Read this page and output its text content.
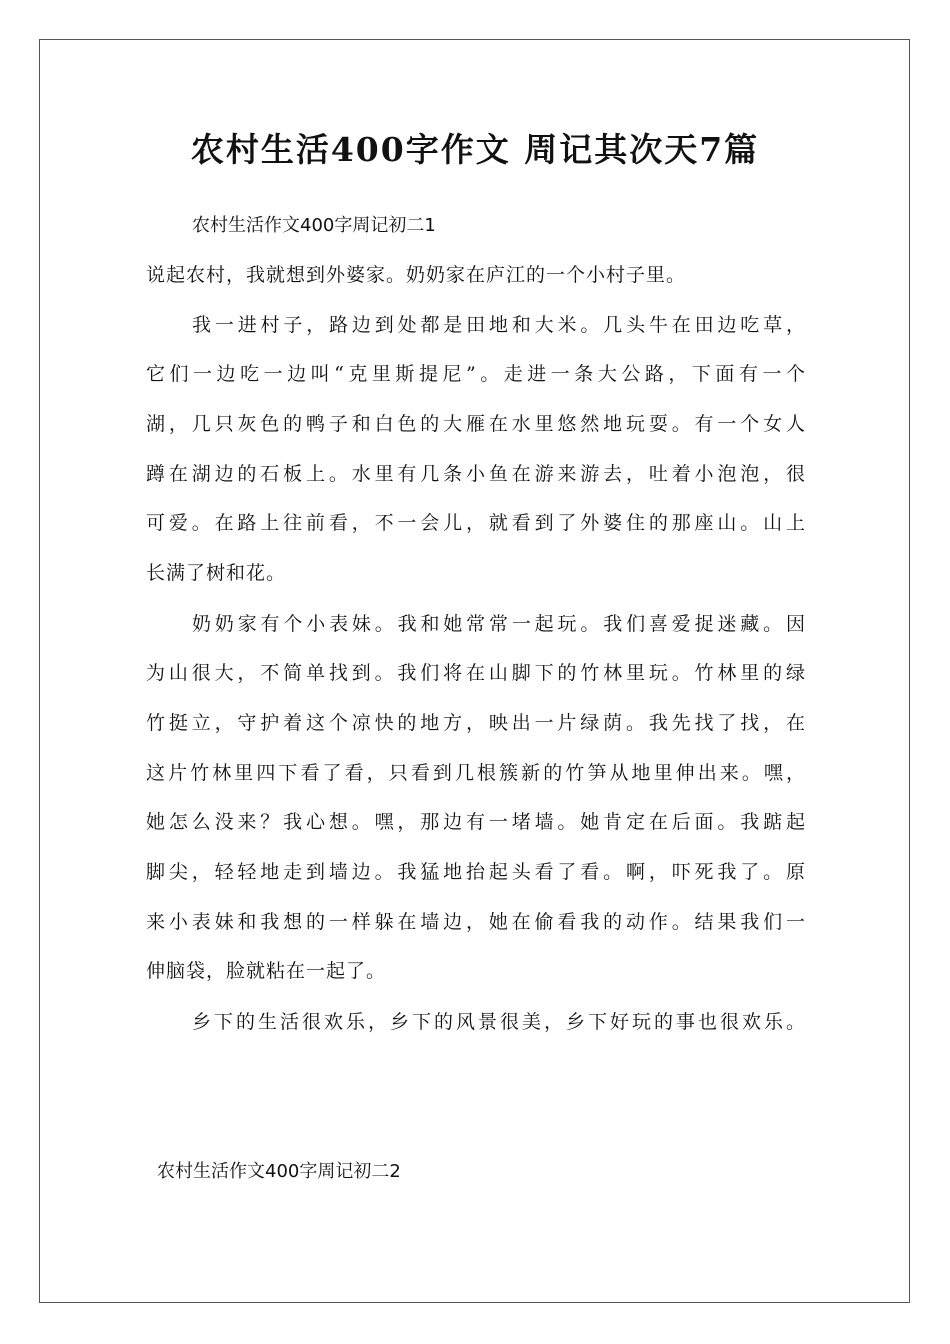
农村生活400字作文 周记其次天7篇

农村生活作文400字周记初二1

说起农村，我就想到外婆家。奶奶家在庐江的一个小村子里。

我一进村子，路边到处都是田地和大米。几头牛在田边吃草，

它们一边吃一边叫“克里斯提尼”。走进一条大公路，下面有一个

湖，几只灰色的鸭子和白色的大雁在水里悠然地玩耍。有一个女人

蹲在湖边的石板上。水里有几条小鱼在游来游去，吐着小泡泡，很

可爱。在路上往前看，不一会儿，就看到了外婆住的那座山。山上

长满了树和花。

奶奶家有个小表妹。我和她常常一起玩。我们喜爱捉迷藏。因

为山很大，不简单找到。我们将在山脚下的竹林里玩。竹林里的绿

竹挺立，守护着这个凉快的地方，映出一片绿荫。我先找了找，在

这片竹林里四下看了看，只看到几根簇新的竹笋从地里伸出来。嘿，

她怎么没来？我心想。嘿，那边有一堵墙。她肯定在后面。我踮起

脚尖，轻轻地走到墙边。我猛地抬起头看了看。啊，吓死我了。原

来小表妹和我想的一样躲在墙边，她在偷看我的动作。结果我们一

伸脑袋，脸就粘在一起了。

乡下的生活很欢乐，乡下的风景很美，乡下好玩的事也很欢乐。

农村生活作文400字周记初二2
